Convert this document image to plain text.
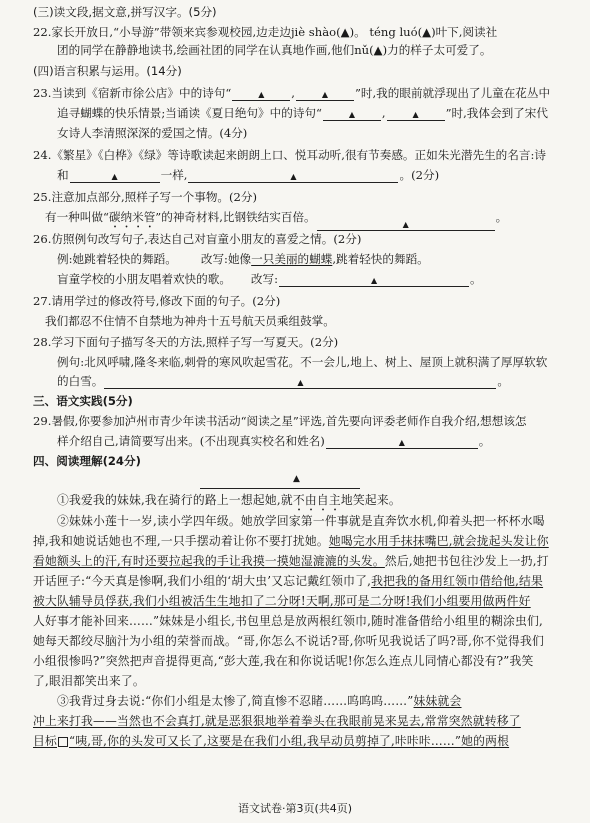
(三)读文段,据文意,拼写汉字。(5分)
22.家长开放日,“小导游”带领来宾参观校园,边走边jiè shào(▲)。 téng luó(▲)叶下,阅读社
团的同学在静静地读书,绘画社团的同学在认真地作画,他们nǔ(▲)力的样子太可爱了。
(四)语言积累与运用。(14分)
23.当读到《宿新市徐公店》中的诗句“	▲ ,	▲ ”时,我的眼前就浮现出了儿童在花丛中
追寻蝴蝶的快乐情景;当诵读《夏日绝句》中的诗句“	▲ ,	▲ ”时,我体会到了宋代
女诗人李清照深深的爱国之情。(4分)
24.《繁星》《白桦》《绿》等诗歌读起来朗朗上口、悦耳动听,很有节奏感。正如朱光潜先生的名言:诗
和	▲	一样,	▲	。(2分)
25.注意加点部分,照样子写一个事物。(2分)
有一种叫做“碳纳米管”的神奇材料,比钢铁结实百倍。
▲
。
26.仿照例句改写句子,表达自己对盲童小朋友的喜爱之情。(2分)
例:她跳着轻快的舞蹈。 改写:她像一只美丽的蝴蝶,跳着轻快的舞蹈。
盲童学校的小朋友唱着欢快的歌。 改写:	▲	。
27.请用学过的修改符号,修改下面的句子。(2分)
我们都忍不住情不自禁地为神舟十五号航天员乘组鼓掌。
28.学习下面句子描写冬天的方法,照样子写一写夏天。(2分)
例句:北风呼啸,隆冬来临,刺骨的寒风吹起雪花。不一会儿,地上、树上、屋顶上就积满了厚厚软软
的白雪。	▲	。
三、语文实践(5分)
29.暑假,你要参加泸州市青少年读书活动“阅读之星”评选,首先要向评委老师作自我介绍,想想该怎
样介绍自己,请简要写出来。(不出现真实校名和姓名)	▲	。
四、阅读理解(24分)
▲
①我爱我的妹妹,我在骑行的路上一想起她,就不由自主地笑起来。
②妹妹小莲十一岁,读小学四年级。她放学回家第一件事就是直奔饮水机,仰着头把一杯杯水喝
掉,我和她说话她也不理,一只手摆动着让你不要打扰她。她喝完水用手抹抹嘴巴,就会拢起头发让你
看她额头上的汗,有时还要拉起我的手让我摸一摸她湿漉漉的头发。然后,她把书包往沙发上一扔,打
开话匣子:“今天真是惨啊,我们小组的‘胡大虫’又忘记戴红领巾了,我把我的备用红领巾借给他,结果
被大队辅导员俘获,我们小组被活生生地扣了二分呀!天啊,那可是二分呀!我们小组要用做两件好
人好事才能补回来……”妹妹是小组长,书包里总是放两根红领巾,随时准备借给小组里的糊涂虫们,
她每天都绞尽脑汁为小组的荣誉而战。“哥,你怎么不说话?哥,你听见我说话了吗?哥,你不觉得我们
小组很惨吗?”突然把声音提得更高,“彭大莲,我在和你说话呢!你怎么连点儿同情心都没有?”我笑
了,眼泪都笑出来了。
③我背过身去说:“你们小组是太惨了,简直惨不忍睹……呜呜呜……”妹妹就会
冲上来打我——当然也不会真打,就是恶狠狠地举着拳头在我眼前晃来晃去,常常突然就转移了
目标 “咦,哥,你的头发可又长了,这要是在我们小组,我早动员剪掉了,咔咔咔……”她的两根
语文试卷·第3页(共4页)
